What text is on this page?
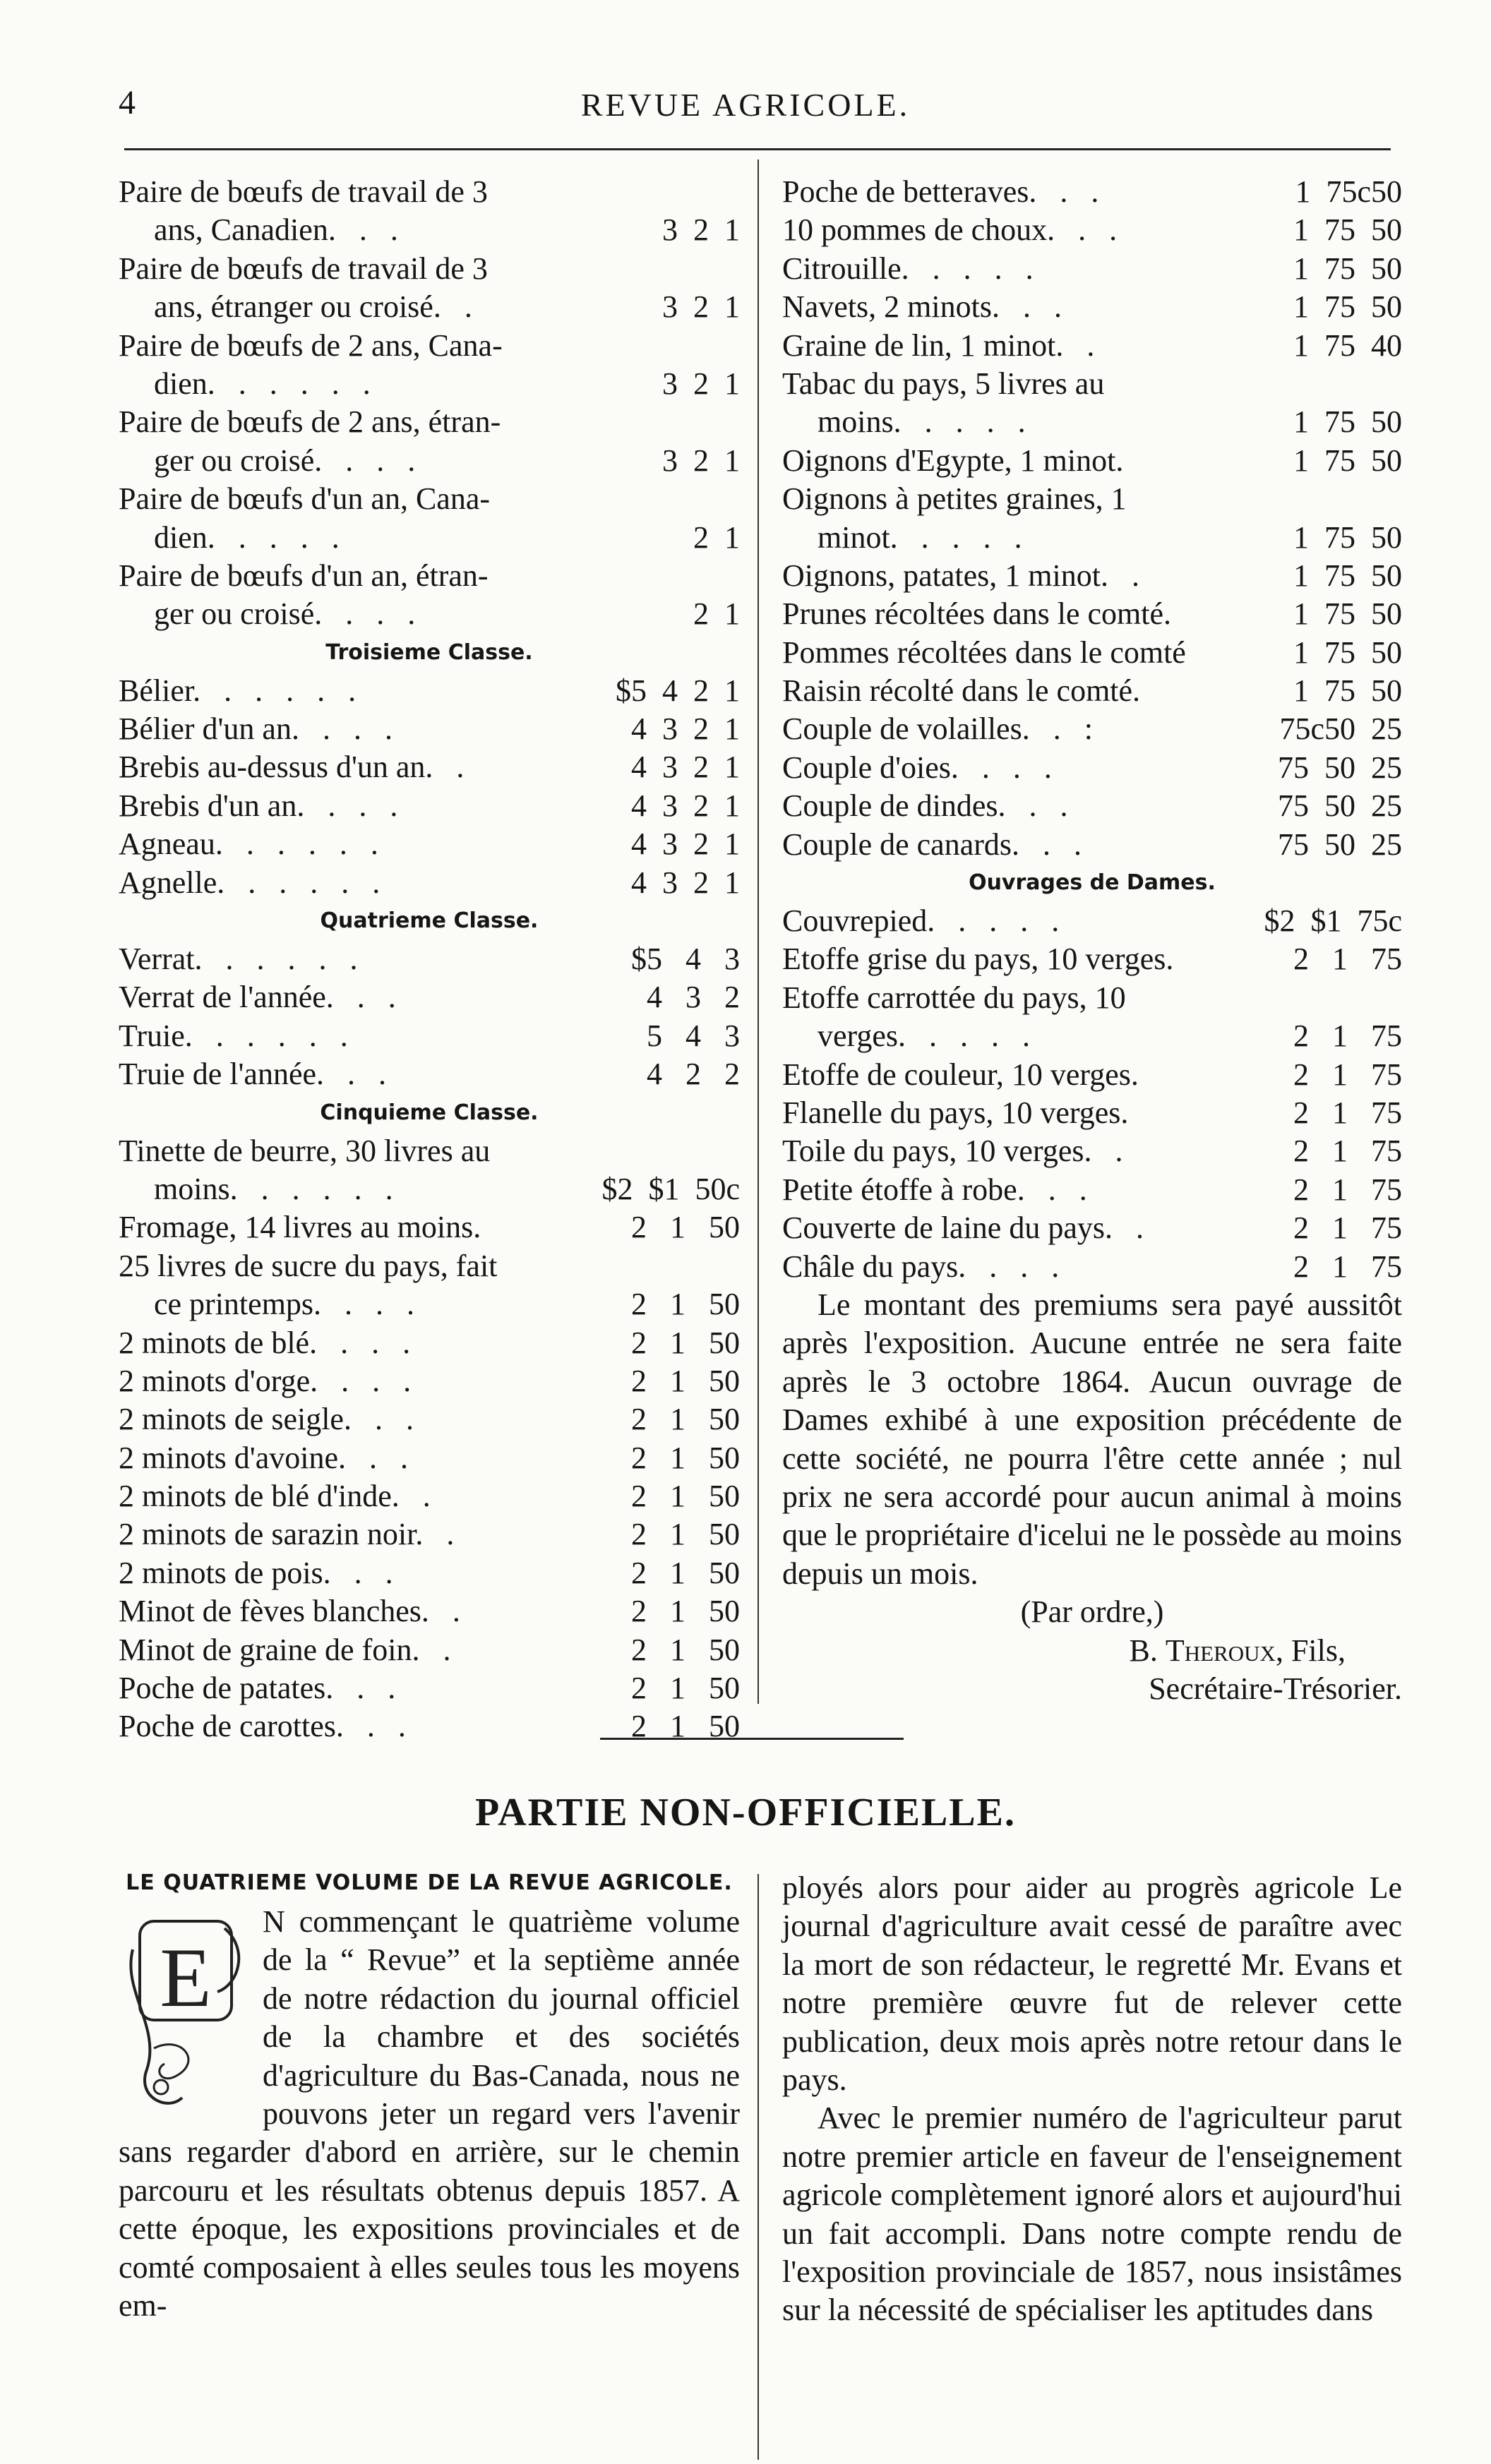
4	REVUE AGRICOLE.
Paire de bœufs de travail de 3
ans, Canadien.   .   .	3  2  1
Paire de bœufs de travail de 3
ans, étranger ou croisé.   .	3  2  1
Paire de bœufs de 2 ans, Cana-
dien.   .   .   .   .   .	3  2  1
Paire de bœufs de 2 ans, étran-
ger ou croisé.   .   .   .	3  2  1
Paire de bœufs d'un an, Cana-
dien.   .   .   .   .	2  1
Paire de bœufs d'un an, étran-
ger ou croisé.   .   .   .	2  1
Troisieme Classe.
Bélier.   .   .   .   .   .	$5  4  2  1
Bélier d'un an.   .   .   .	4  3  2  1
Brebis au-dessus d'un an.   .	4  3  2  1
Brebis d'un an.   .   .   .	4  3  2  1
Agneau.   .   .   .   .   .	4  3  2  1
Agnelle.   .   .   .   .   .	4  3  2  1
Quatrieme Classe.
Verrat.   .   .   .   .   .	$5   4   3
Verrat de l'année.   .   .	4   3   2
Truie.   .   .   .   .   .	5   4   3
Truie de l'année.   .   .	4   2   2
Cinquieme Classe.
Tinette de beurre, 30 livres au
moins.   .   .   .   .   .	$2  $1  50c
Fromage, 14 livres au moins.	2   1   50
25 livres de sucre du pays, fait
ce printemps.   .   .   .	2   1   50
2 minots de blé.   .   .   .	2   1   50
2 minots d'orge.   .   .   .	2   1   50
2 minots de seigle.   .   .	2   1   50
2 minots d'avoine.   .   .	2   1   50
2 minots de blé d'inde.   .	2   1   50
2 minots de sarazin noir.   .	2   1   50
2 minots de pois.   .   .	2   1   50
Minot de fèves blanches.   .	2   1   50
Minot de graine de foin.   .	2   1   50
Poche de patates.   .   .	2   1   50
Poche de carottes.   .   .	2   1   50
Poche de betteraves.   .   .	1  75c50
10 pommes de choux.   .   .	1  75  50
Citrouille.   .   .   .   .	1  75  50
Navets, 2 minots.   .   .	1  75  50
Graine de lin, 1 minot.   .	1  75  40
Tabac du pays, 5 livres au
moins.   .   .   .   .	1  75  50
Oignons d'Egypte, 1 minot.	1  75  50
Oignons à petites graines, 1
minot.   .   .   .   .	1  75  50
Oignons, patates, 1 minot.   .	1  75  50
Prunes récoltées dans le comté.	1  75  50
Pommes récoltées dans le comté	1  75  50
Raisin récolté dans le comté.	1  75  50
Couple de volailles.   .   :	75c50  25
Couple d'oies.   .   .   .	75  50  25
Couple de dindes.   .   .	75  50  25
Couple de canards.   .   .	75  50  25
Ouvrages de Dames.
Couvrepied.   .   .   .   .	$2  $1  75c
Etoffe grise du pays, 10 verges.	2   1   75
Etoffe carrottée du pays, 10
verges.   .   .   .   .	2   1   75
Etoffe de couleur, 10 verges.	2   1   75
Flanelle du pays, 10 verges.	2   1   75
Toile du pays, 10 verges.   .	2   1   75
Petite étoffe à robe.   .   .	2   1   75
Couverte de laine du pays.   .	2   1   75
Châle du pays.   .   .   .	2   1   75

Le montant des premiums sera payé aussitôt après l'exposition. Aucune entrée ne sera faite après le 3 octobre 1864. Aucun ouvrage de Dames exhibé à une exposition précédente de cette société, ne pourra l'être cette année ; nul prix ne sera accordé pour aucun animal à moins que le propriétaire d'icelui ne le possède au moins depuis un mois.

(Par ordre,)
B. Theroux, Fils,
Secrétaire-Trésorier.
PARTIE NON-OFFICIELLE.
LE QUATRIEME VOLUME DE LA REVUE AGRICOLE.
E

N commençant le quatrième volume de la “ Revue” et la septième année de notre rédaction du journal officiel de la chambre et des sociétés d'agriculture du Bas-Canada, nous ne pouvons jeter un regard vers l'avenir sans regarder d'abord en arrière, sur le chemin parcouru et les résultats obtenus depuis 1857. A cette époque, les expositions provinciales et de comté composaient à elles seules tous les moyens em-

ployés alors pour aider au progrès agricole Le journal d'agriculture avait cessé de paraître avec la mort de son rédacteur, le regretté Mr. Evans et notre première œuvre fut de relever cette publication, deux mois après notre retour dans le pays.

Avec le premier numéro de l'agriculteur parut notre premier article en faveur de l'enseignement agricole complètement ignoré alors et aujourd'hui un fait accompli. Dans notre compte rendu de l'exposition provinciale de 1857, nous insistâmes sur la nécessité de spécialiser les aptitudes dans
